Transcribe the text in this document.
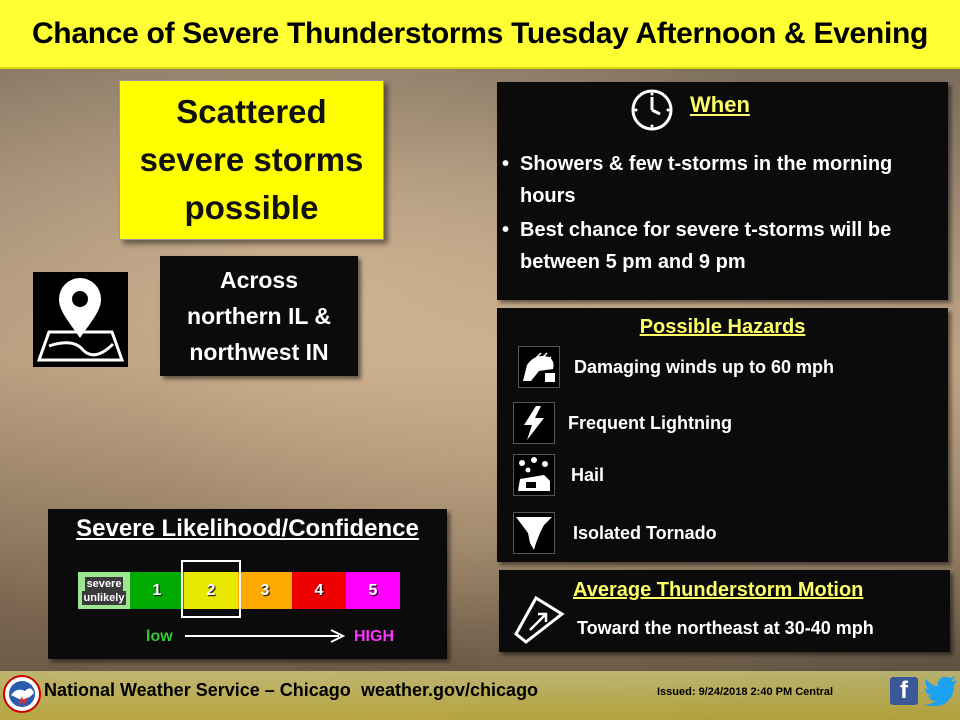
Chance of Severe Thunderstorms Tuesday Afternoon & Evening
Scattered
severe storms
possible
Across
northern IL &
northwest IN
When
• Showers & few t-storms in the morning hours
• Best chance for severe t-storms will be between 5 pm and 9 pm
Possible Hazards
Damaging winds up to 60 mph
Frequent Lightning
Hail
Isolated Tornado
Average Thunderstorm Motion
Toward the northeast at 30-40 mph
Severe Likelihood/Confidence
severe
unlikely	1	2	3	4	5
low	HIGH
National Weather Service – Chicago weather.gov/chicago	Issued: 9/24/2018 2:40 PM Central	f
